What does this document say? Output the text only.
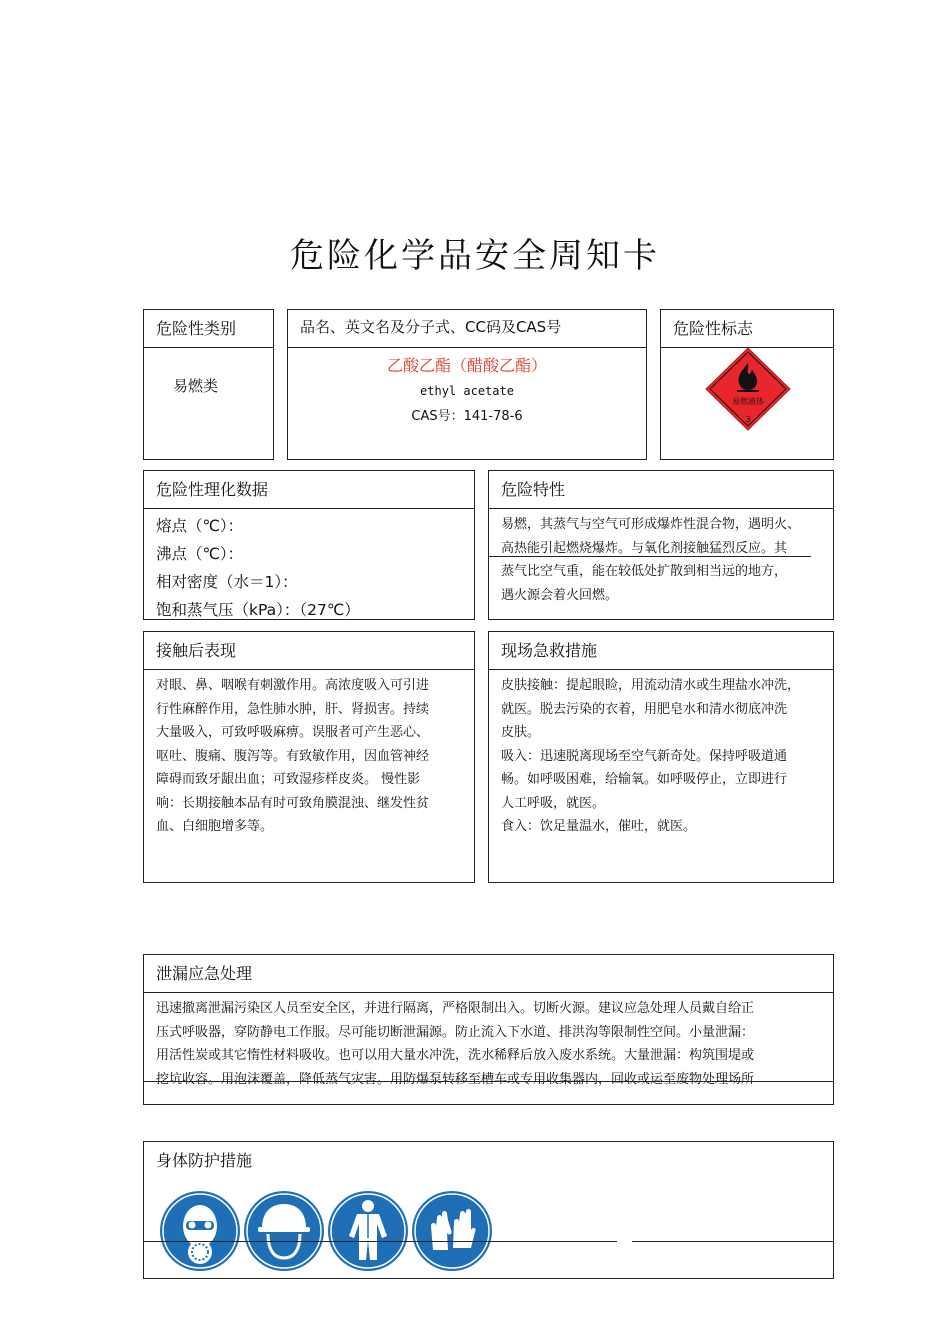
危险化学品安全周知卡
危险性类别
易燃类
品名、英文名及分子式、CC码及CAS号
乙酸乙酯（醋酸乙酯）
ethyl acetate
CAS号：141-78-6
危险性标志
易燃液体
3
危险性理化数据
熔点（℃）：
沸点（℃）：
相对密度（水＝1）：
饱和蒸气压（kPa）：（27℃）
危险特性
易燃，其蒸气与空气可形成爆炸性混合物，遇明火、
高热能引起燃烧爆炸。与氧化剂接触猛烈反应。其
蒸气比空气重，能在较低处扩散到相当远的地方，
遇火源会着火回燃。
接触后表现
对眼、鼻、咽喉有刺激作用。高浓度吸入可引进
行性麻醉作用，急性肺水肿，肝、肾损害。持续
大量吸入，可致呼吸麻痹。误服者可产生恶心、
呕吐、腹痛、腹泻等。有致敏作用，因血管神经
障碍而致牙龈出血；可致湿疹样皮炎。 慢性影
响：长期接触本品有时可致角膜混浊、继发性贫
血、白细胞增多等。
现场急救措施
皮肤接触：提起眼睑，用流动清水或生理盐水冲洗，
就医。脱去污染的衣着，用肥皂水和清水彻底冲洗
皮肤。
吸入：迅速脱离现场至空气新奇处。保持呼吸道通
畅。如呼吸困难，给输氧。如呼吸停止，立即进行
人工呼吸，就医。
食入：饮足量温水，催吐，就医。
泄漏应急处理
迅速撤离泄漏污染区人员至安全区，并进行隔离，严格限制出入。切断火源。建议应急处理人员戴自给正
压式呼吸器，穿防静电工作服。尽可能切断泄漏源。防止流入下水道、排洪沟等限制性空间。小量泄漏：
用活性炭或其它惰性材料吸收。也可以用大量水冲洗，洗水稀释后放入废水系统。大量泄漏：构筑围堤或
挖坑收容。用泡沫覆盖，降低蒸气灾害。用防爆泵转移至槽车或专用收集器内，回收或运至废物处理场所
身体防护措施
